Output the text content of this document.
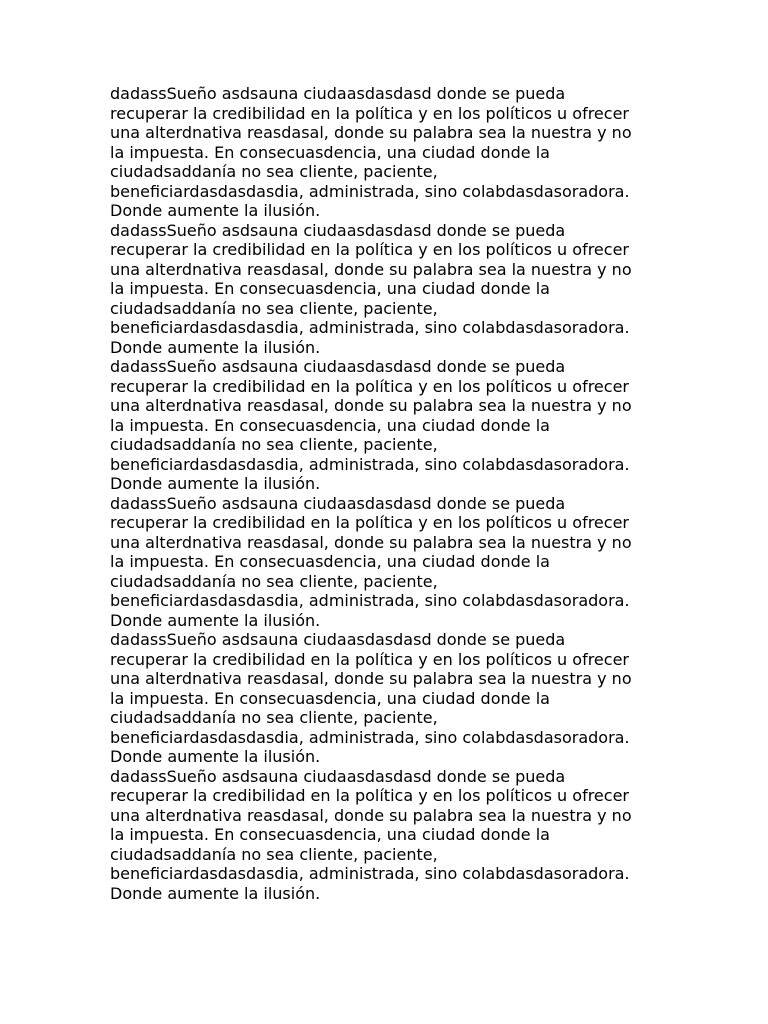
dadassSueño asdsauna ciudaasdasdasd donde se pueda
recuperar la credibilidad en la política y en los políticos u ofrecer
una alterdnativa reasdasal, donde su palabra sea la nuestra y no
la impuesta. En consecuasdencia, una ciudad donde la
ciudadsaddanía no sea cliente, paciente,
beneficiardasdasdasdia, administrada, sino colabdasdasoradora.
Donde aumente la ilusión.
dadassSueño asdsauna ciudaasdasdasd donde se pueda
recuperar la credibilidad en la política y en los políticos u ofrecer
una alterdnativa reasdasal, donde su palabra sea la nuestra y no
la impuesta. En consecuasdencia, una ciudad donde la
ciudadsaddanía no sea cliente, paciente,
beneficiardasdasdasdia, administrada, sino colabdasdasoradora.
Donde aumente la ilusión.
dadassSueño asdsauna ciudaasdasdasd donde se pueda
recuperar la credibilidad en la política y en los políticos u ofrecer
una alterdnativa reasdasal, donde su palabra sea la nuestra y no
la impuesta. En consecuasdencia, una ciudad donde la
ciudadsaddanía no sea cliente, paciente,
beneficiardasdasdasdia, administrada, sino colabdasdasoradora.
Donde aumente la ilusión.
dadassSueño asdsauna ciudaasdasdasd donde se pueda
recuperar la credibilidad en la política y en los políticos u ofrecer
una alterdnativa reasdasal, donde su palabra sea la nuestra y no
la impuesta. En consecuasdencia, una ciudad donde la
ciudadsaddanía no sea cliente, paciente,
beneficiardasdasdasdia, administrada, sino colabdasdasoradora.
Donde aumente la ilusión.
dadassSueño asdsauna ciudaasdasdasd donde se pueda
recuperar la credibilidad en la política y en los políticos u ofrecer
una alterdnativa reasdasal, donde su palabra sea la nuestra y no
la impuesta. En consecuasdencia, una ciudad donde la
ciudadsaddanía no sea cliente, paciente,
beneficiardasdasdasdia, administrada, sino colabdasdasoradora.
Donde aumente la ilusión.
dadassSueño asdsauna ciudaasdasdasd donde se pueda
recuperar la credibilidad en la política y en los políticos u ofrecer
una alterdnativa reasdasal, donde su palabra sea la nuestra y no
la impuesta. En consecuasdencia, una ciudad donde la
ciudadsaddanía no sea cliente, paciente,
beneficiardasdasdasdia, administrada, sino colabdasdasoradora.
Donde aumente la ilusión.
